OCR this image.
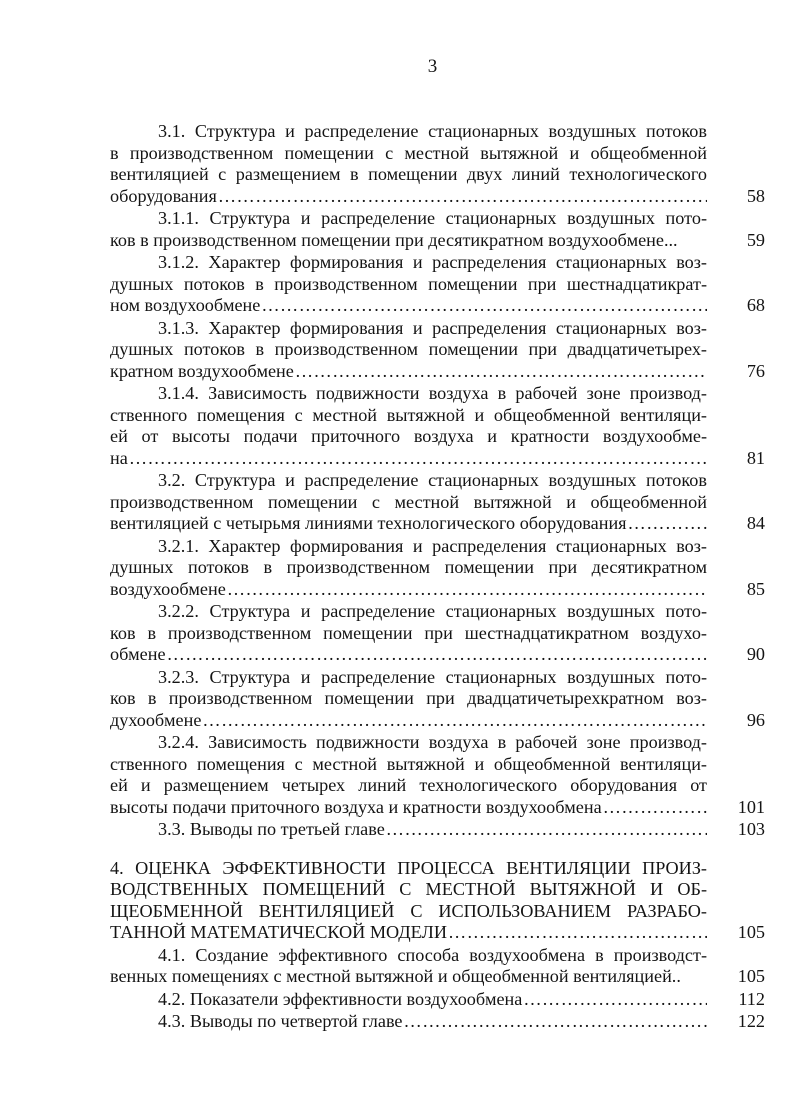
3
3.1. Структура и распределение стационарных воздушных потоков
в производственном помещении с местной вытяжной и общеобменной
вентиляцией с размещением в помещении двух линий технологического
оборудования ……………………………………………………………………………………………………………………………………………………	58
3.1.1. Структура и распределение стационарных воздушных пото-
ков в производственном помещении при десятикратном воздухообмене...	59
3.1.2. Характер формирования и распределения стационарных воз-
душных потоков в производственном помещении при шестнадцатикрат-
ном воздухообмене ……………………………………………………………………………………………………………………………………………………	68
3.1.3. Характер формирования и распределения стационарных воз-
душных потоков в производственном помещении при двадцатичетырех-
кратном воздухообмене ……………………………………………………………………………………………………………………………………………………	76
3.1.4. Зависимость подвижности воздуха в рабочей зоне производ-
ственного помещения с местной вытяжной и общеобменной вентиляци-
ей от высоты подачи приточного воздуха и кратности воздухообме-
на ……………………………………………………………………………………………………………………………………………………	81
3.2. Структура и распределение стационарных воздушных потоков
производственном помещении с местной вытяжной и общеобменной
вентиляцией с четырьмя линиями технологического оборудования ……………………………………………………………………………………………………………………………………………………	84
3.2.1. Характер формирования и распределения стационарных воз-
душных потоков в производственном помещении при десятикратном
воздухообмене ……………………………………………………………………………………………………………………………………………………	85
3.2.2. Структура и распределение стационарных воздушных пото-
ков в производственном помещении при шестнадцатикратном воздухо-
обмене ……………………………………………………………………………………………………………………………………………………	90
3.2.3. Структура и распределение стационарных воздушных пото-
ков в производственном помещении при двадцатичетырехкратном воз-
духообмене ……………………………………………………………………………………………………………………………………………………	96
3.2.4. Зависимость подвижности воздуха в рабочей зоне производ-
ственного помещения с местной вытяжной и общеобменной вентиляци-
ей и размещением четырех линий технологического оборудования от
высоты подачи приточного воздуха и кратности воздухообмена ……………………………………………………………………………………………………………………………………………………	101
3.3. Выводы по третьей главе ……………………………………………………………………………………………………………………………………………………	103
4. ОЦЕНКА ЭФФЕКТИВНОСТИ ПРОЦЕССА ВЕНТИЛЯЦИИ ПРОИЗ-
ВОДСТВЕННЫХ ПОМЕЩЕНИЙ С МЕСТНОЙ ВЫТЯЖНОЙ И ОБ-
ЩЕОБМЕННОЙ ВЕНТИЛЯЦИЕЙ С ИСПОЛЬЗОВАНИЕМ РАЗРАБО-
ТАННОЙ МАТЕМАТИЧЕСКОЙ МОДЕЛИ ……………………………………………………………………………………………………………………………………………………	105
4.1. Создание эффективного способа воздухообмена в производст-
венных помещениях с местной вытяжной и общеобменной вентиляцией..	105
4.2. Показатели эффективности воздухообмена ……………………………………………………………………………………………………………………………………………………	112
4.3. Выводы по четвертой главе ……………………………………………………………………………………………………………………………………………………	122
